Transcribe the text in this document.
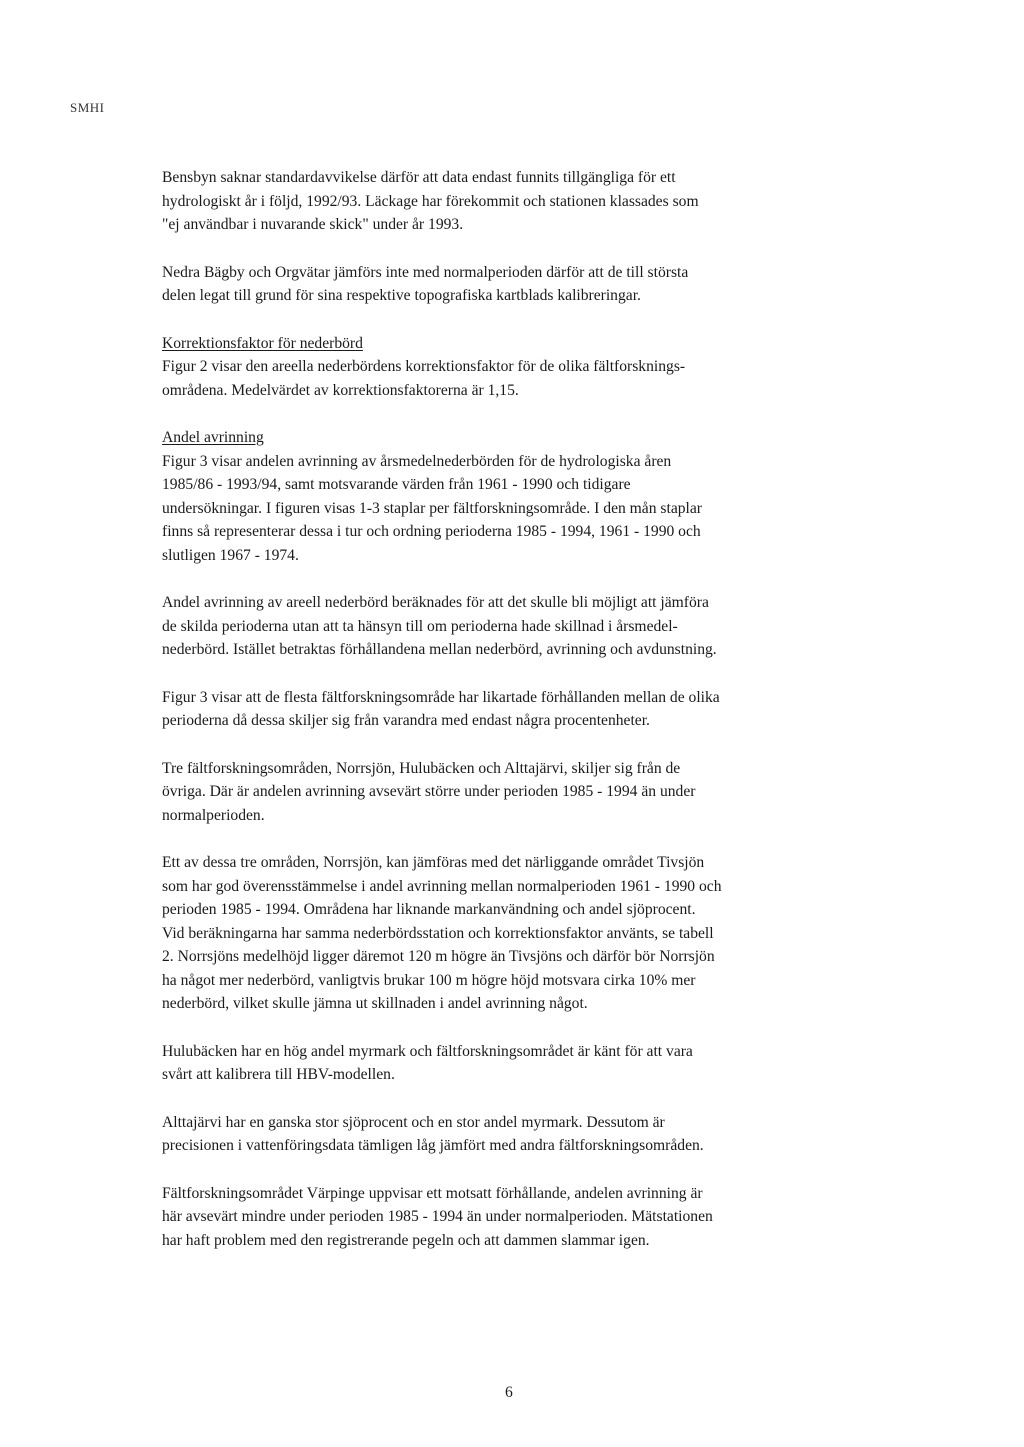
SMHI

Bensbyn saknar standardavvikelse därför att data endast funnits tillgängliga för ett
hydrologiskt år i följd, 1992/93. Läckage har förekommit och stationen klassades som
"ej användbar i nuvarande skick" under år 1993.

Nedra Bägby och Orgvätar jämförs inte med normalperioden därför att de till största
delen legat till grund för sina respektive topografiska kartblads kalibreringar.

Korrektionsfaktor för nederbörd

Figur 2 visar den areella nederbördens korrektionsfaktor för de olika fältforsknings-
områdena. Medelvärdet av korrektionsfaktorerna är 1,15.

Andel avrinning

Figur 3 visar andelen avrinning av årsmedelnederbörden för de hydrologiska åren
1985/86 - 1993/94, samt motsvarande värden från 1961 - 1990 och tidigare
undersökningar. I figuren visas 1-3 staplar per fältforskningsområde. I den mån staplar
finns så representerar dessa i tur och ordning perioderna 1985 - 1994, 1961 - 1990 och
slutligen 1967 - 1974.

Andel avrinning av areell nederbörd beräknades för att det skulle bli möjligt att jämföra
de skilda perioderna utan att ta hänsyn till om perioderna hade skillnad i årsmedel-
nederbörd. Istället betraktas förhållandena mellan nederbörd, avrinning och avdunstning.

Figur 3 visar att de flesta fältforskningsområde har likartade förhållanden mellan de olika
perioderna då dessa skiljer sig från varandra med endast några procentenheter.

Tre fältforskningsområden, Norrsjön, Hulubäcken och Alttajärvi, skiljer sig från de
övriga. Där är andelen avrinning avsevärt större under perioden 1985 - 1994 än under
normalperioden.

Ett av dessa tre områden, Norrsjön, kan jämföras med det närliggande området Tivsjön
som har god överensstämmelse i andel avrinning mellan normalperioden 1961 - 1990 och
perioden 1985 - 1994. Områdena har liknande markanvändning och andel sjöprocent.
Vid beräkningarna har samma nederbördsstation och korrektionsfaktor använts, se tabell
2. Norrsjöns medelhöjd ligger däremot 120 m högre än Tivsjöns och därför bör Norrsjön
ha något mer nederbörd, vanligtvis brukar 100 m högre höjd motsvara cirka 10% mer
nederbörd, vilket skulle jämna ut skillnaden i andel avrinning något.

Hulubäcken har en hög andel myrmark och fältforskningsområdet är känt för att vara
svårt att kalibrera till HBV-modellen.

Alttajärvi har en ganska stor sjöprocent och en stor andel myrmark. Dessutom är
precisionen i vattenföringsdata tämligen låg jämfört med andra fältforskningsområden.

Fältforskningsområdet Värpinge uppvisar ett motsatt förhållande, andelen avrinning är
här avsevärt mindre under perioden 1985 - 1994 än under normalperioden. Mätstationen
har haft problem med den registrerande pegeln och att dammen slammar igen.

6
